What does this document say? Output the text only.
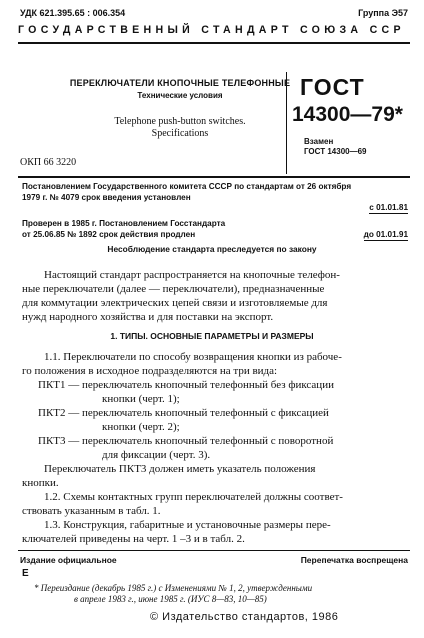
УДК 621.395.65 : 006.354	Группа Э57
ГОСУДАРСТВЕННЫЙ СТАНДАРТ СОЮЗА ССР
ПЕРЕКЛЮЧАТЕЛИ КНОПОЧНЫЕ ТЕЛЕФОННЫЕ
Технические условия
Telephone push-button switches.
Specifications
ГОСТ
14300—79*
Взамен
ГОСТ 14300—69
ОКП 66 3220
Постановлением Государственного комитета СССР по стандартам от 26 октября
1979 г. № 4079 срок введения установлен
с 01.01.81
Проверен в 1985 г. Постановлением Госстандарта
от 25.06.85 № 1892 срок действия продлен	до 01.01.91
Несоблюдение стандарта преследуется по закону
Настоящий стандарт распространяется на кнопочные телефон-
ные переключатели (далее — переключатели), предназначенные
для коммутации электрических цепей связи и изготовляемые для
нужд народного хозяйства и для поставки на экспорт.
1. ТИПЫ. ОСНОВНЫЕ ПАРАМЕТРЫ И РАЗМЕРЫ
1.1. Переключатели по способу возвращения кнопки из рабоче-
го положения в исходное подразделяются на три вида:
ПКТ1 — переключатель кнопочный телефонный без фиксации
кнопки (черт. 1);
ПКТ2 — переключатель кнопочный телефонный с фиксацией
кнопки (черт. 2);
ПКТ3 — переключатель кнопочный телефонный с поворотной
для фиксации (черт. 3).
Переключатель ПКТ3 должен иметь указатель положения
кнопки.
1.2. Схемы контактных групп переключателей должны соответ-
ствовать указанным в табл. 1.
1.3. Конструкция, габаритные и установочные размеры пере-
ключателей приведены на черт. 1 –3 и в табл. 2.
Издание официальное	Перепечатка воспрещена
Е
* Переиздание (декабрь 1985 г.) с Изменениями № 1, 2, утвержденными
в апреле 1983 г., июне 1985 г. (ИУС 8—83, 10—85)
© Издательство стандартов, 1986
